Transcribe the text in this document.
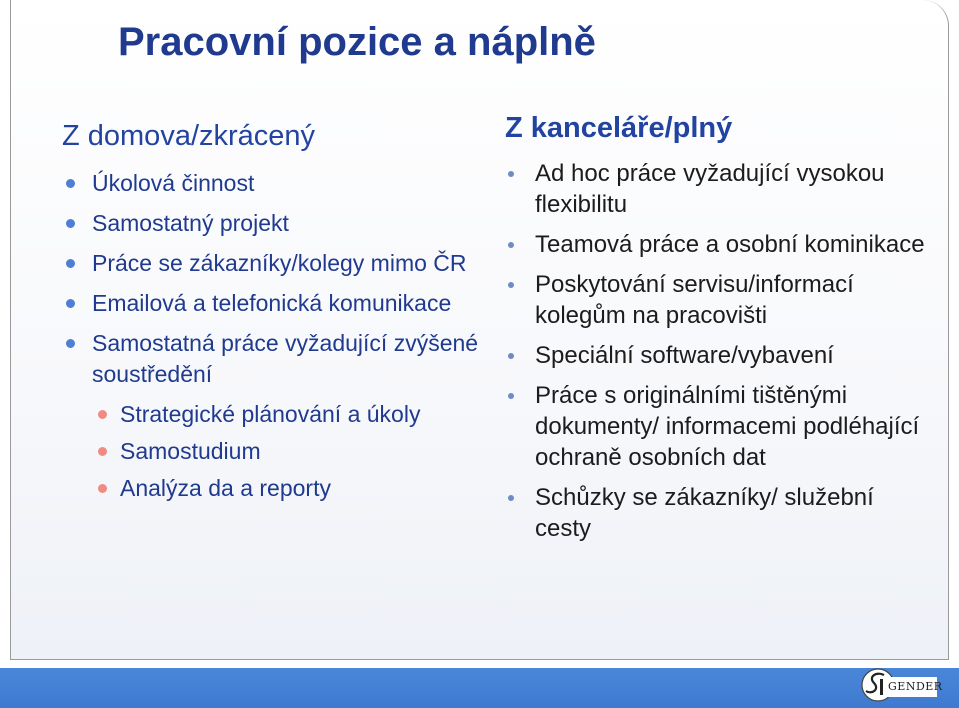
Pracovní pozice a náplně
Z domova/zkrácený
Úkolová činnost
Samostatný projekt
Práce se zákazníky/kolegy mimo ČR
Emailová a telefonická komunikace
Samostatná práce vyžadující zvýšené soustředění
Strategické plánování a úkoly
Samostudium
Analýza da a reporty
Z kanceláře/plný
Ad hoc práce vyžadující vysokou flexibilitu
Teamová práce a osobní kominikace
Poskytování servisu/informací kolegům na pracovišti
Speciální software/vybavení
Práce s originálními tištěnými dokumenty/ informacemi podléhající ochraně osobních dat
Schůzky se zákazníky/ služební cesty
GENDER
